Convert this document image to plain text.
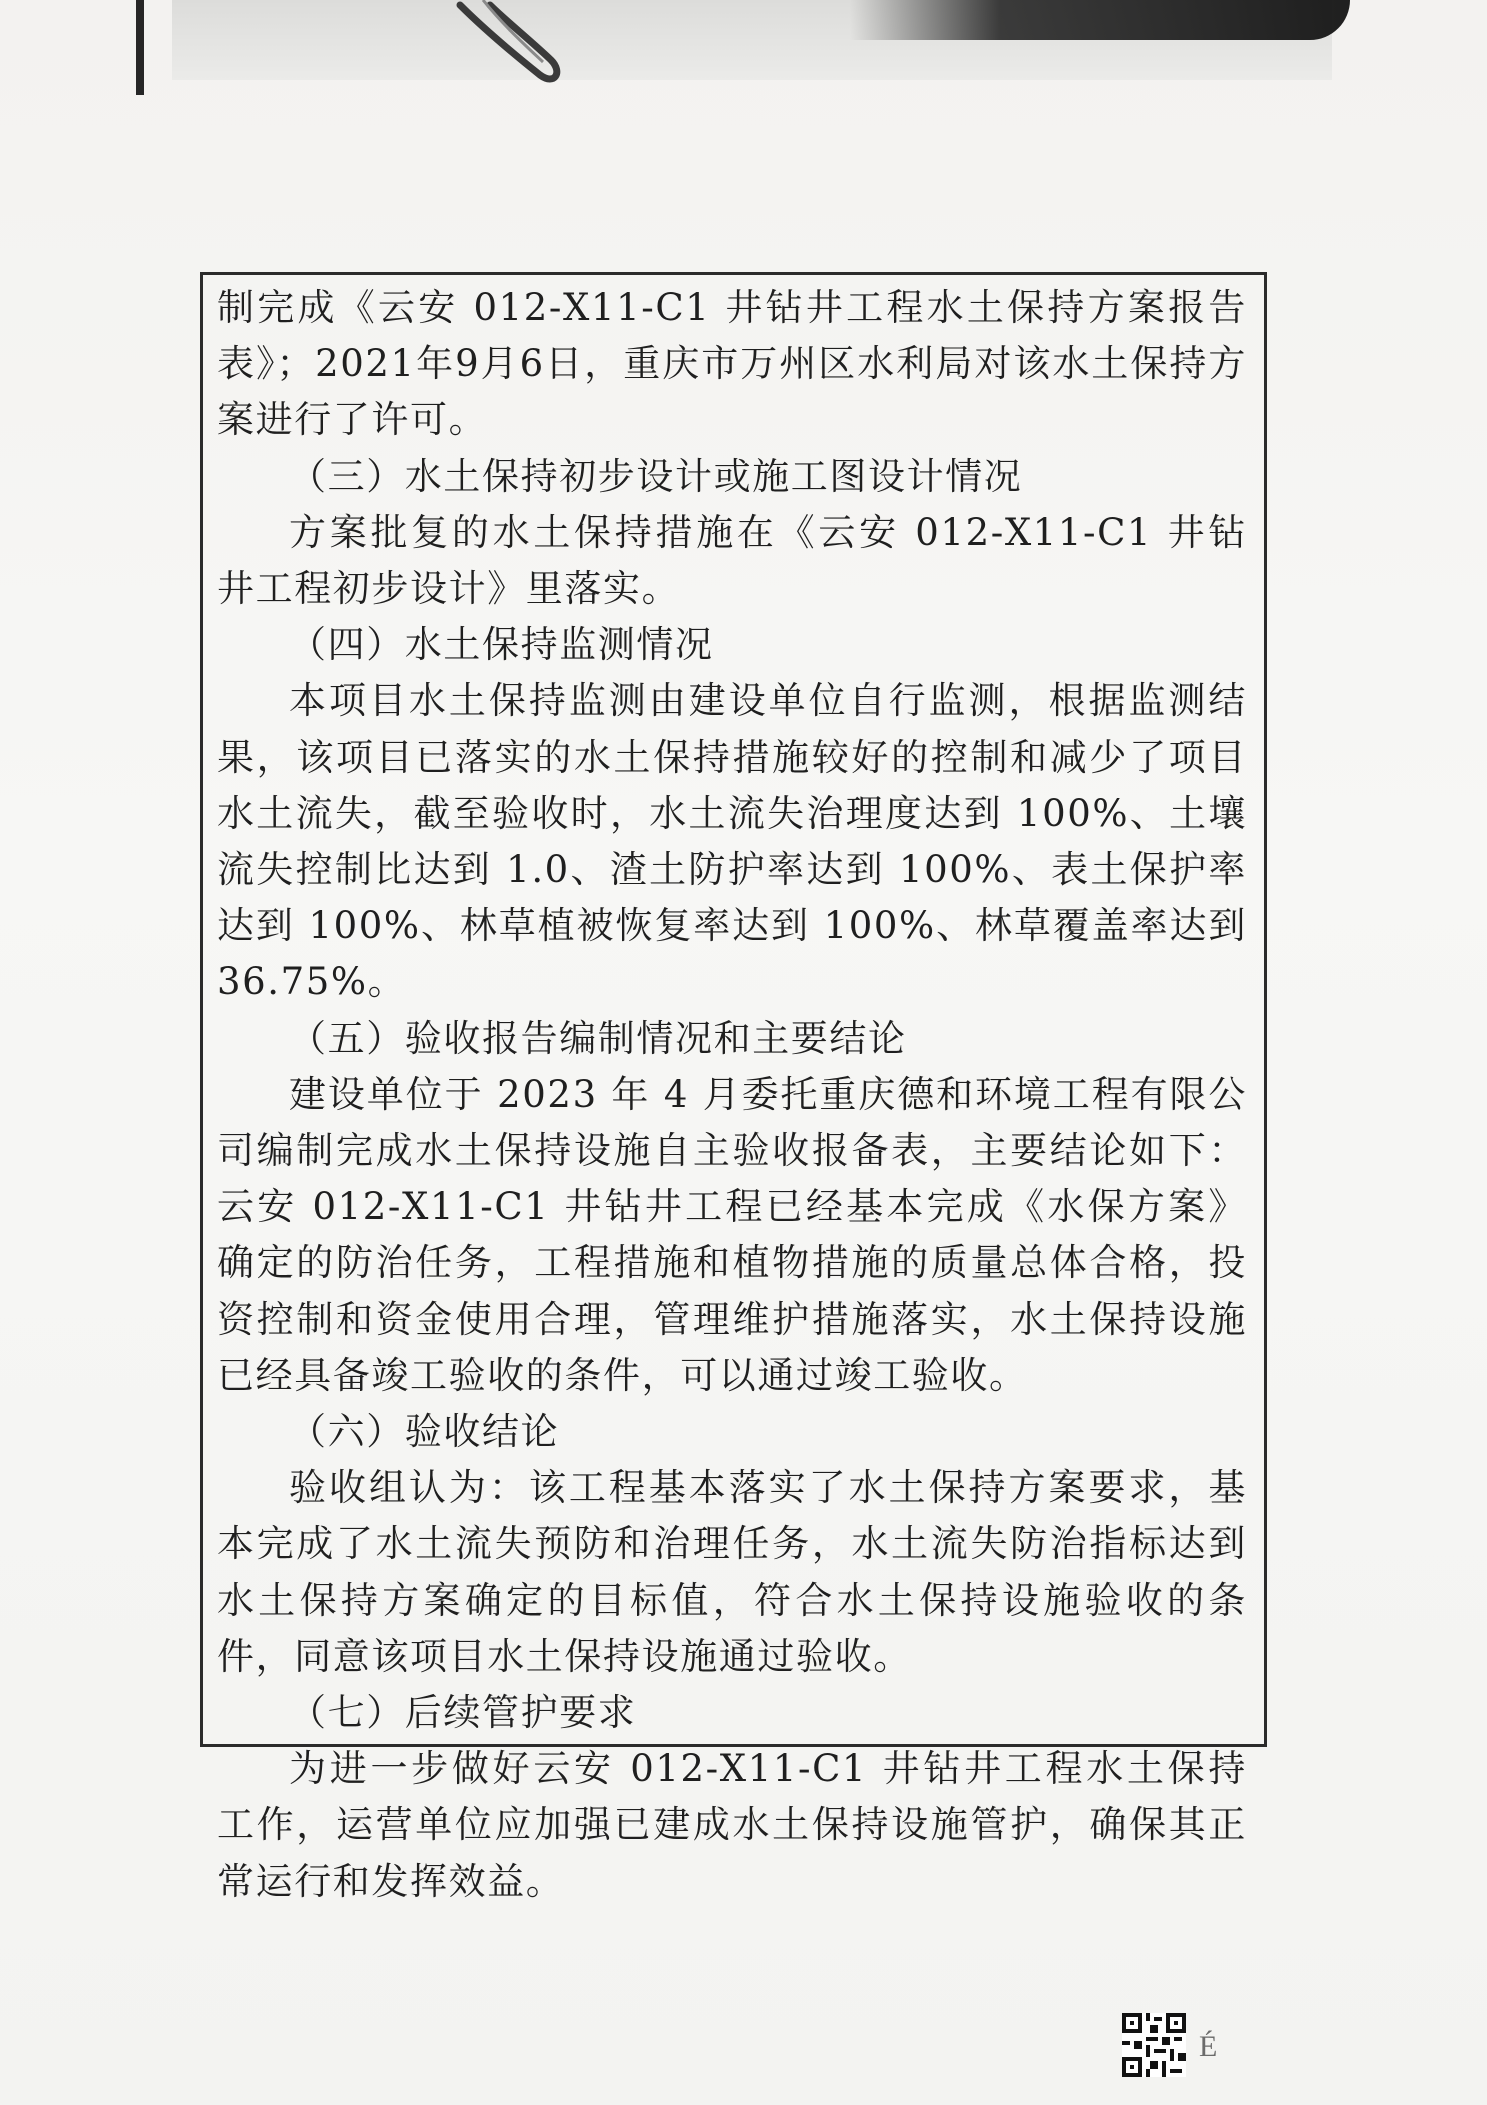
制完成《云安 012-X11-C1 井钻井工程水土保持方案报告表》；2021年9月6日，重庆市万州区水利局对该水土保持方案进行了许可。

（三）水土保持初步设计或施工图设计情况

方案批复的水土保持措施在《云安 012-X11-C1 井钻井工程初步设计》里落实。

（四）水土保持监测情况

本项目水土保持监测由建设单位自行监测，根据监测结果，该项目已落实的水土保持措施较好的控制和减少了项目水土流失，截至验收时，水土流失治理度达到 100%、土壤流失控制比达到 1.0、渣土防护率达到 100%、表土保护率达到 100%、林草植被恢复率达到 100%、林草覆盖率达到 36.75%。

（五）验收报告编制情况和主要结论

建设单位于 2023 年 4 月委托重庆德和环境工程有限公司编制完成水土保持设施自主验收报备表，主要结论如下：云安 012-X11-C1 井钻井工程已经基本完成《水保方案》确定的防治任务，工程措施和植物措施的质量总体合格，投资控制和资金使用合理，管理维护措施落实，水土保持设施已经具备竣工验收的条件，可以通过竣工验收。

（六）验收结论

验收组认为：该工程基本落实了水土保持方案要求，基本完成了水土流失预防和治理任务，水土流失防治指标达到水土保持方案确定的目标值，符合水土保持设施验收的条件，同意该项目水土保持设施通过验收。

（七）后续管护要求

为进一步做好云安 012-X11-C1 井钻井工程水土保持工作，运营单位应加强已建成水土保持设施管护，确保其正常运行和发挥效益。

É
